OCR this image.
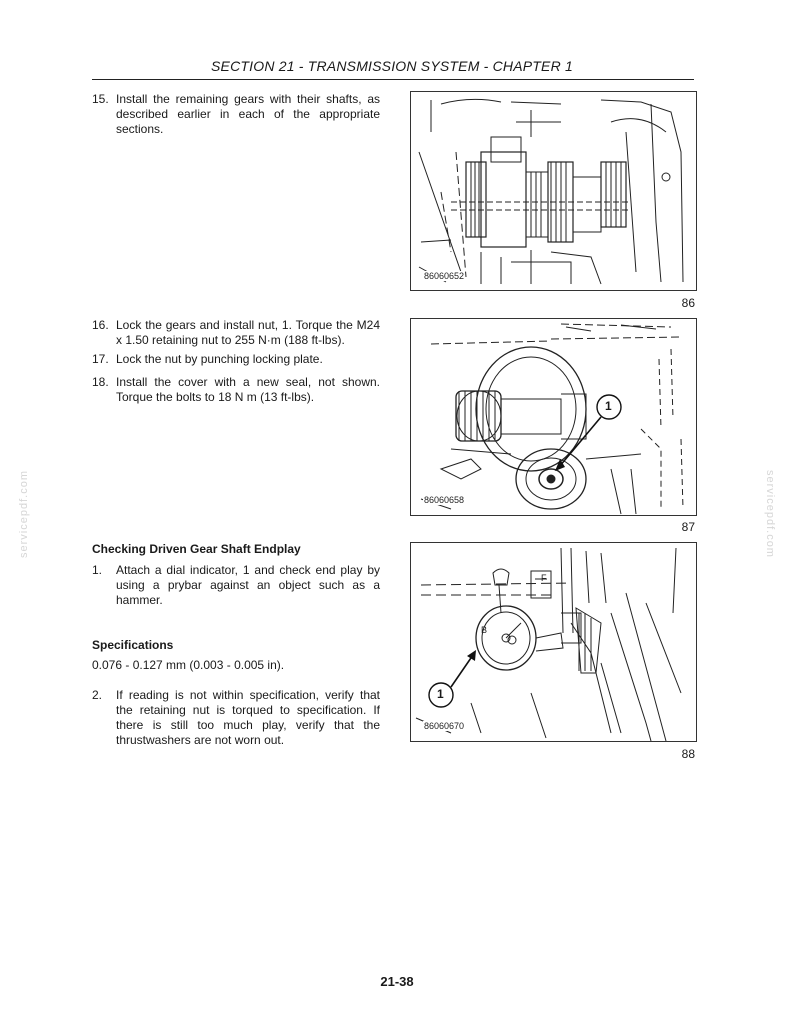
SECTION 21 - TRANSMISSION SYSTEM - CHAPTER 1
servicepdf.com	servicepdf.com
15. Install the remaining gears with their shafts, as described earlier in each of the appropriate sections.
86060652
86
16. Lock the gears and install nut, 1. Torque the M24 x 1.50 retaining nut to 255 N·m (188 ft-lbs).
17. Lock the nut by punching locking plate.
18. Install the cover with a new seal, not shown. Torque the bolts to 18 N m (13 ft-lbs).
1
86060658
87
Checking Driven Gear Shaft Endplay
1. Attach a dial indicator, 1 and check end play by using a prybar against an object such as a hammer.
Specifications
0.076 - 0.127 mm (0.003 - 0.005 in).
2. If reading is not within specification, verify that the retaining nut is torqued to specification. If there is still too much play, verify that the thrustwashers are not worn out.
B
F
1
86060670
88
21-38
